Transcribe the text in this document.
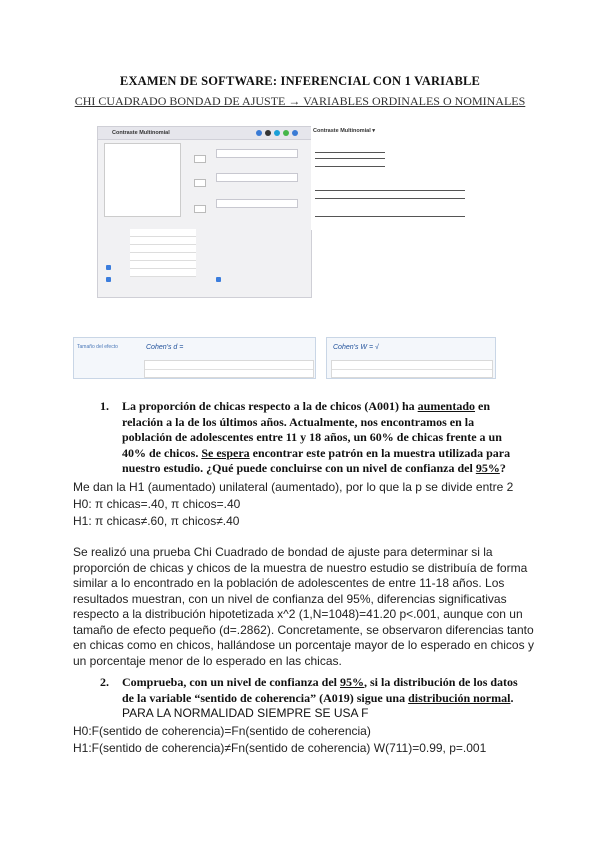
EXAMEN DE SOFTWARE: INFERENCIAL CON 1 VARIABLE
CHI CUADRADO BONDAD DE AJUSTE → VARIABLES ORDINALES O NOMINALES
Contraste Multinomial	Contraste Multinomial ▾
Tamaño del efecto	Cohen's d =	Cohen's W = √
1. La proporción de chicas respecto a la de chicos (A001) ha aumentado en relación a la de los últimos años. Actualmente, nos encontramos en la población de adolescentes entre 11 y 18 años, un 60% de chicas frente a un 40% de chicos. Se espera encontrar este patrón en la muestra utilizada para nuestro estudio. ¿Qué puede concluirse con un nivel de confianza del 95%?
Me dan la H1 (aumentado) unilateral (aumentado), por lo que la p se divide entre 2
H0: π chicas=.40, π chicos=.40
H1: π chicas≠.60, π chicos≠.40
Se realizó una prueba Chi Cuadrado de bondad de ajuste para determinar si la proporción de chicas y chicos de la muestra de nuestro estudio se distribuía de forma similar a lo encontrado en la población de adolescentes de entre 11-18 años. Los resultados muestran, con un nivel de confianza del 95%, diferencias significativas respecto a la distribución hipotetizada x^2 (1,N=1048)=41.20 p<.001, aunque con un tamaño de efecto pequeño (d=.2862). Concretamente, se observaron diferencias tanto en chicas como en chicos, hallándose un porcentaje mayor de lo esperado en chicos y un porcentaje menor de lo esperado en las chicas.
2. Comprueba, con un nivel de confianza del 95%, si la distribución de los datos de la variable “sentido de coherencia” (A019) sigue una distribución normal. PARA LA NORMALIDAD SIEMPRE SE USA F
H0:F(sentido de coherencia)=Fn(sentido de coherencia)
H1:F(sentido de coherencia)≠Fn(sentido de coherencia) W(711)=0.99, p=.001
